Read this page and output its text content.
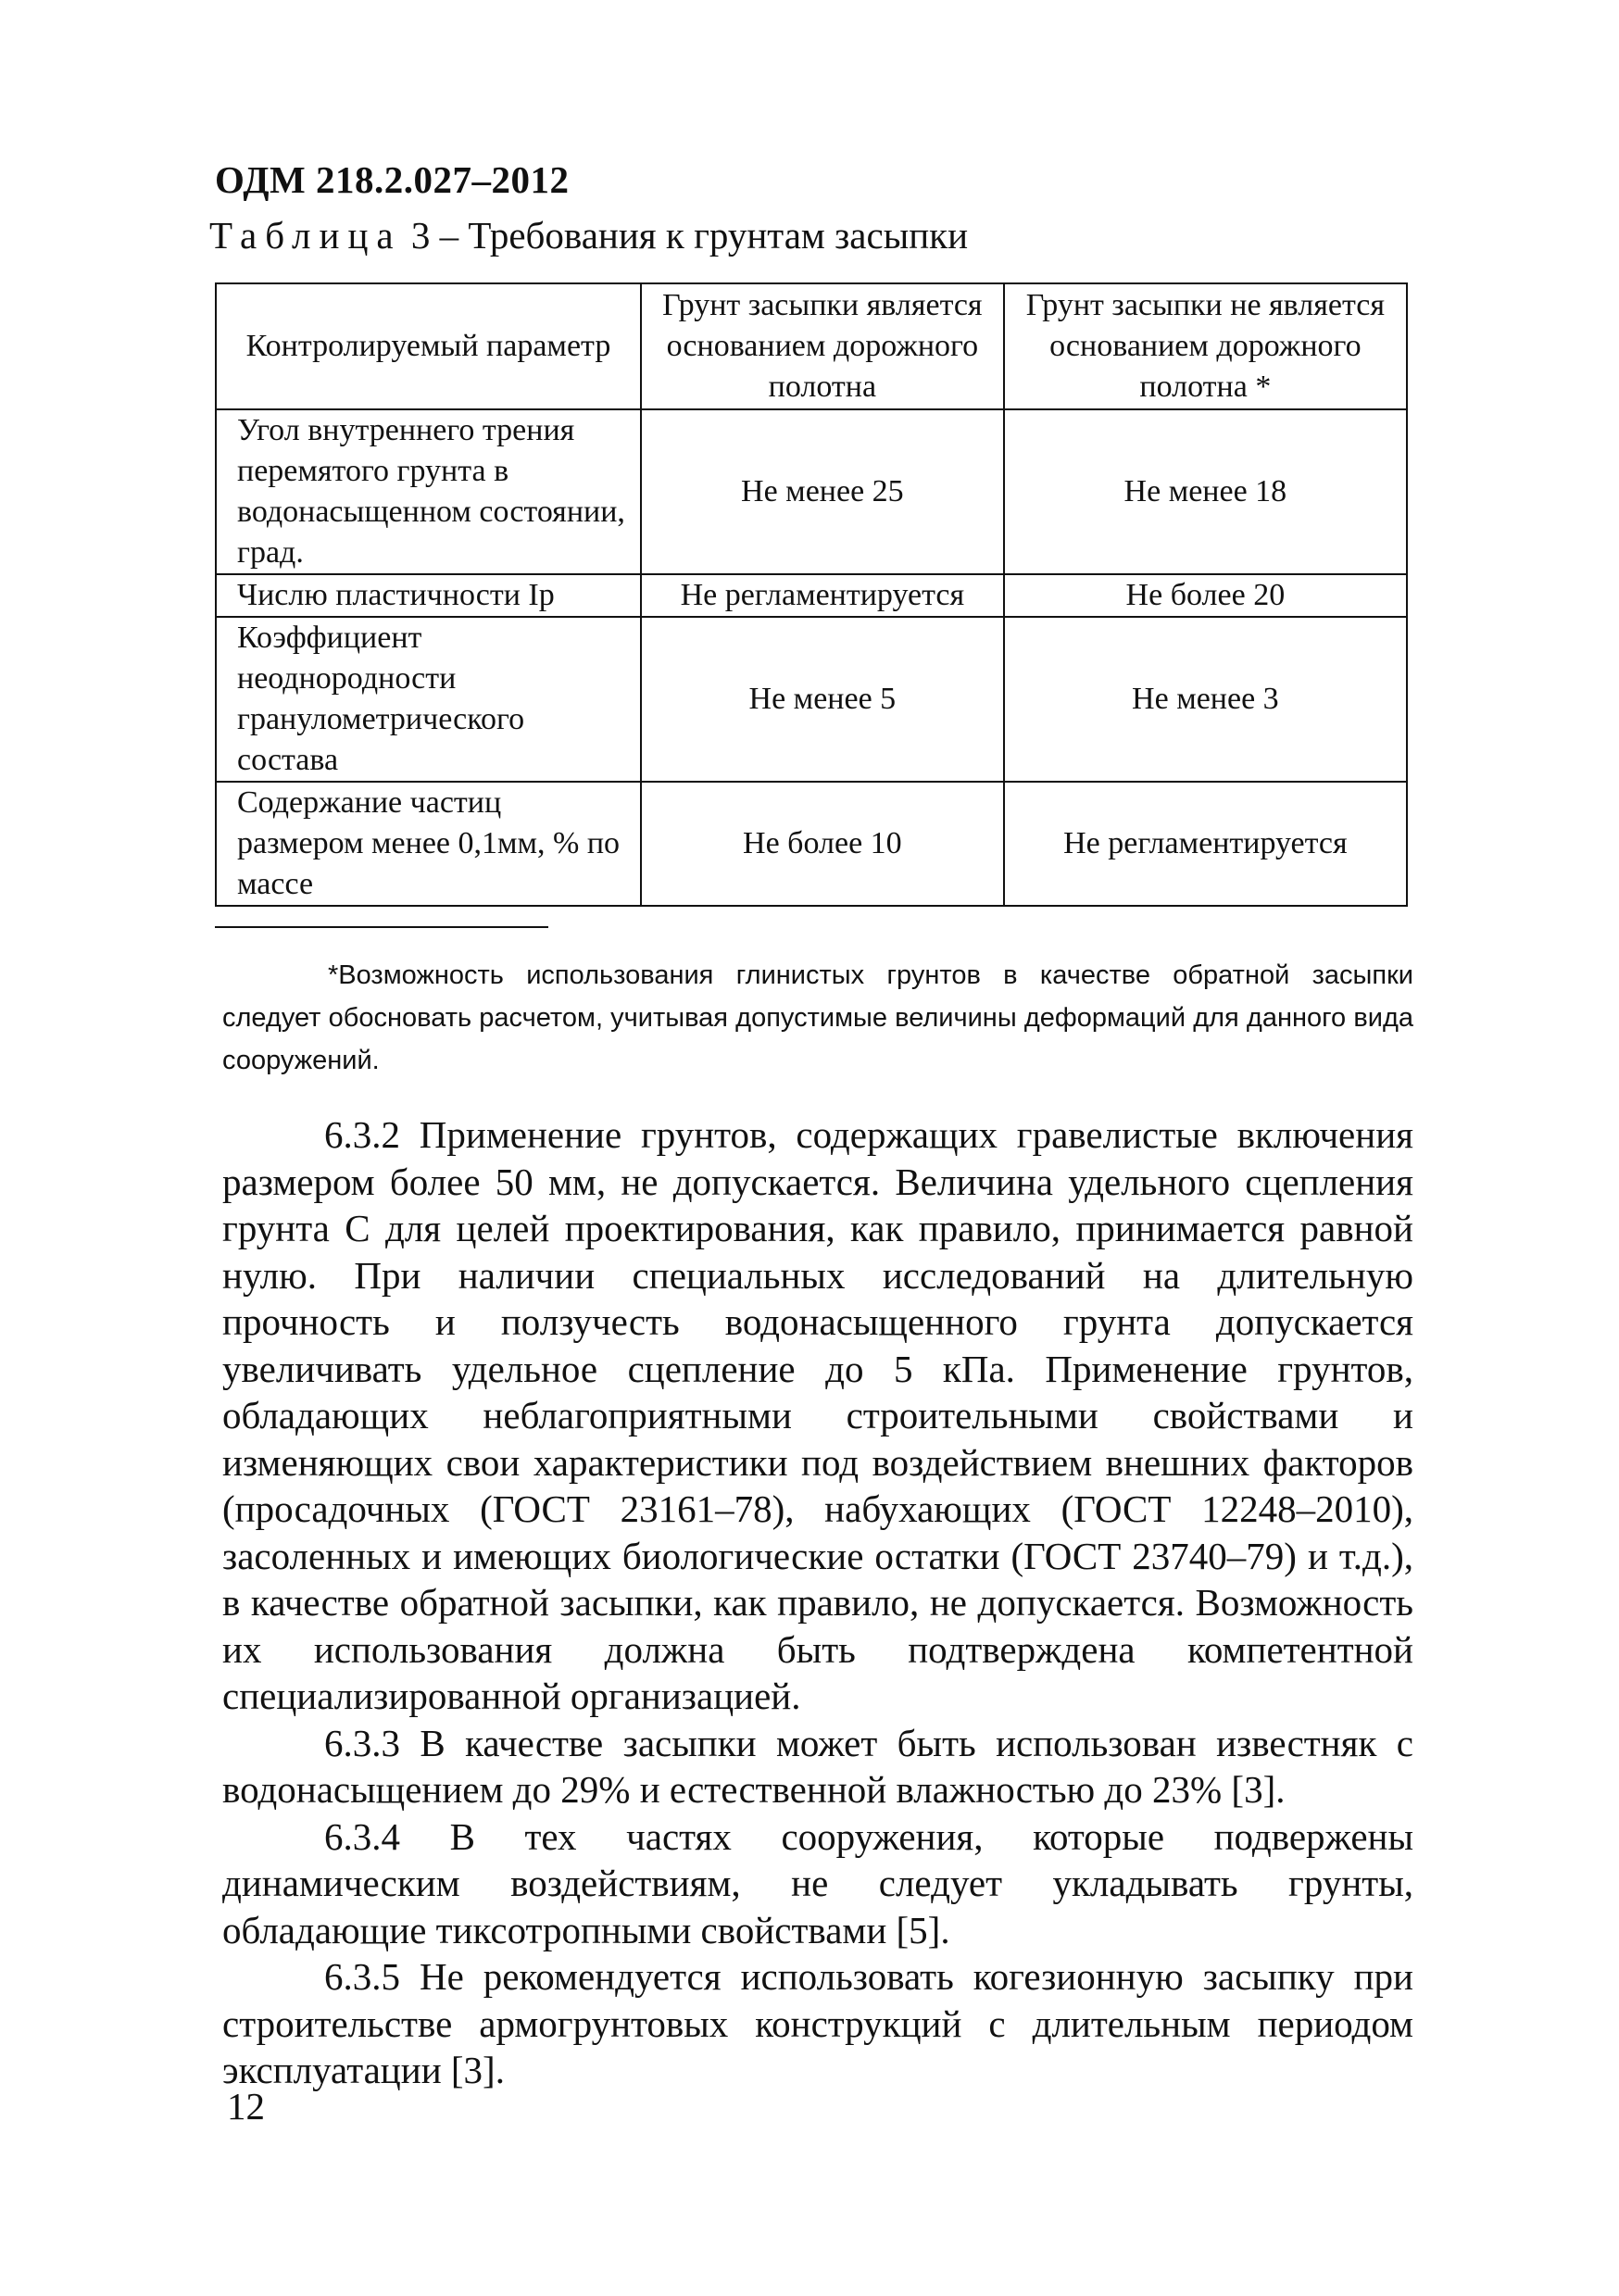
ОДМ 218.2.027–2012
Таблица 3 – Требования к грунтам засыпки
Контролируемый параметр	Грунт засыпки является основанием дорожного полотна	Грунт засыпки не является основанием дорожного полотна *
Угол внутреннего трения перемятого грунта в водонасыщенном состоянии, град.	Не менее 25	Не менее 18
Числю пластичности Ip	Не регламентируется	Не более 20
Коэффициент неоднородности гранулометрического состава	Не менее 5	Не менее 3
Содержание частиц размером менее 0,1мм, % по массе	Не более 10	Не регламентируется
*Возможность использования глинистых грунтов в качестве обратной засыпки следует обосновать расчетом, учитывая допустимые величины деформаций для данного вида сооружений.

6.3.2 Применение грунтов, содержащих гравелистые включения размером более 50 мм, не допускается. Величина удельного сцепления грунта С для целей проектирования, как правило, принимается равной нулю. При наличии специальных исследований на длительную прочность и ползучесть водонасыщенного грунта допускается увеличивать удельное сцепление до 5 кПа. Применение грунтов, обладающих неблагоприятными строительными свойствами и изменяющих свои характеристики под воздействием внешних факторов (просадочных (ГОСТ 23161–78), набухающих (ГОСТ 12248–2010), засоленных и имеющих биологические остатки (ГОСТ 23740–79) и т.д.), в качестве обратной засыпки, как правило, не допускается. Возможность их использования должна быть подтверждена компетентной специализированной организацией.

6.3.3 В качестве засыпки может быть использован известняк с водонасыщением до 29% и естественной влажностью до 23% [3].

6.3.4 В тех частях сооружения, которые подвержены динамическим воздействиям, не следует укладывать грунты, обладающие тиксотропными свойствами [5].

6.3.5 Не рекомендуется использовать когезионную засыпку при строительстве армогрунтовых конструкций с длительным периодом эксплуатации [3].

12
